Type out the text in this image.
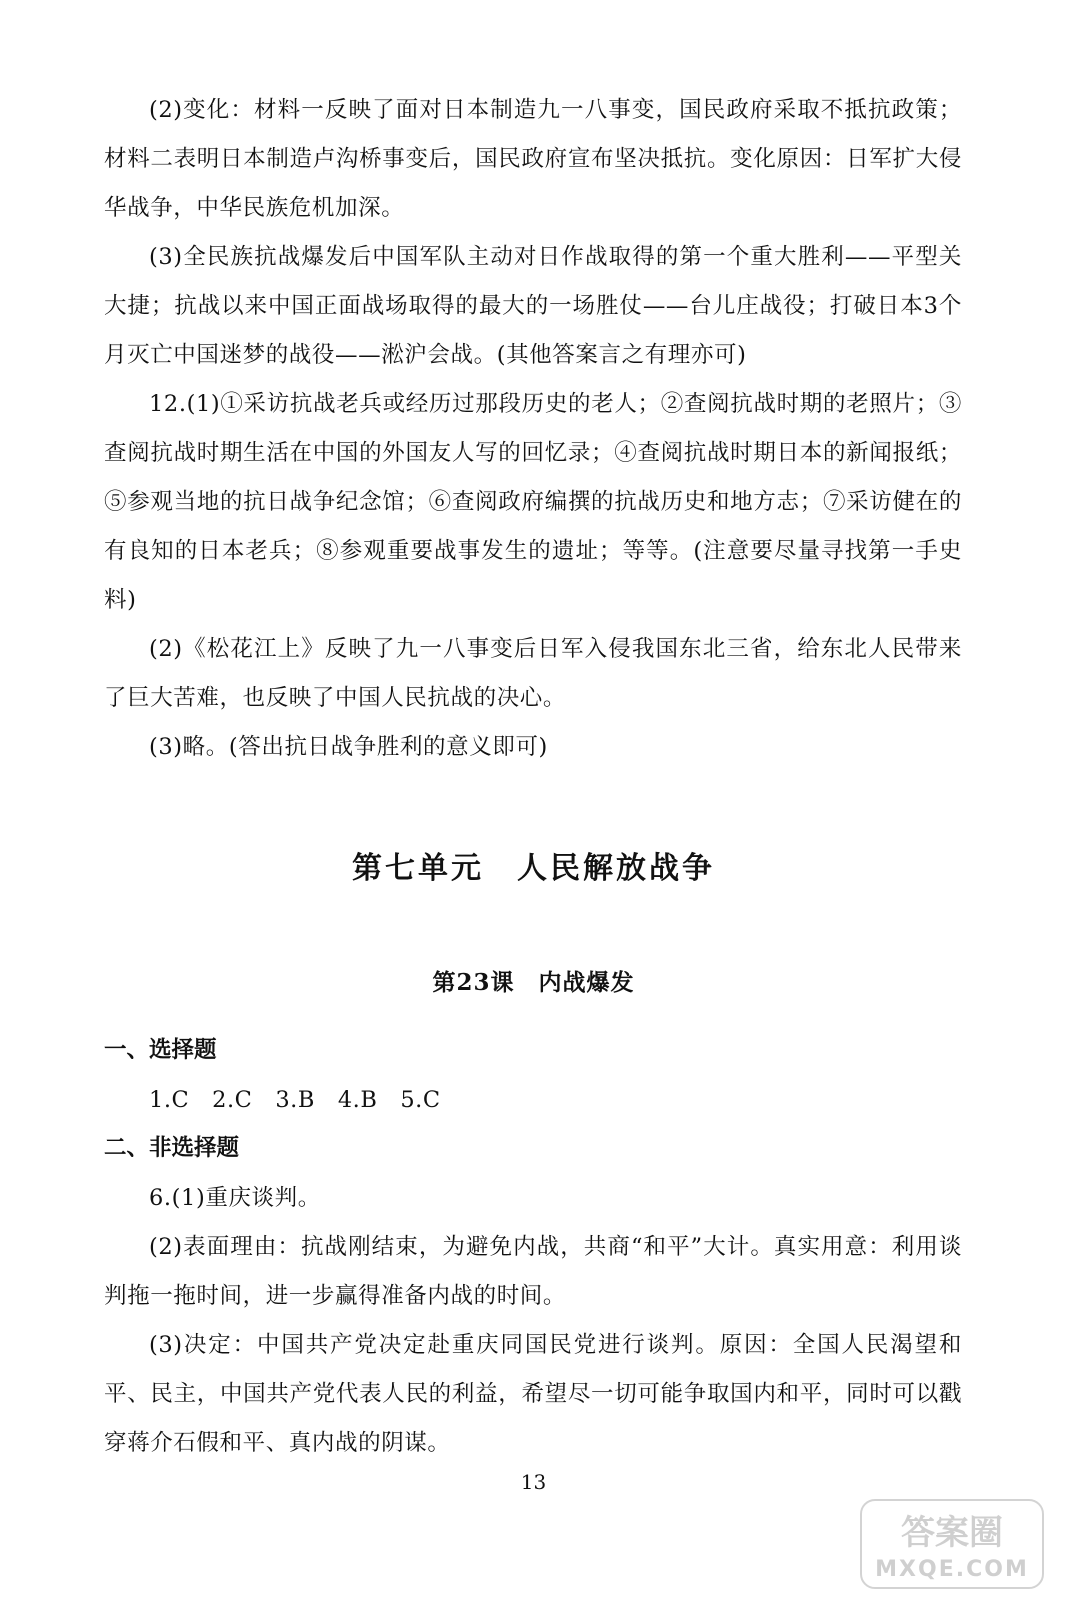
(2)变化：材料一反映了面对日本制造九一八事变，国民政府采取不抵抗政策；材料二表明日本制造卢沟桥事变后，国民政府宣布坚决抵抗。变化原因：日军扩大侵华战争，中华民族危机加深。

(3)全民族抗战爆发后中国军队主动对日作战取得的第一个重大胜利——平型关大捷；抗战以来中国正面战场取得的最大的一场胜仗——台儿庄战役；打破日本3个月灭亡中国迷梦的战役——淞沪会战。(其他答案言之有理亦可)

12.(1)①采访抗战老兵或经历过那段历史的老人；②查阅抗战时期的老照片；③查阅抗战时期生活在中国的外国友人写的回忆录；④查阅抗战时期日本的新闻报纸；⑤参观当地的抗日战争纪念馆；⑥查阅政府编撰的抗战历史和地方志；⑦采访健在的有良知的日本老兵；⑧参观重要战事发生的遗址；等等。(注意要尽量寻找第一手史料)

(2)《松花江上》反映了九一八事变后日军入侵我国东北三省，给东北人民带来了巨大苦难，也反映了中国人民抗战的决心。

(3)略。(答出抗日战争胜利的意义即可)

第七单元　人民解放战争
第23课　内战爆发
一、选择题

1.C　2.C　3.B　4.B　5.C

二、非选择题

6.(1)重庆谈判。

(2)表面理由：抗战刚结束，为避免内战，共商“和平”大计。真实用意：利用谈判拖一拖时间，进一步赢得准备内战的时间。

(3)决定：中国共产党决定赴重庆同国民党进行谈判。原因：全国人民渴望和平、民主，中国共产党代表人民的利益，希望尽一切可能争取国内和平，同时可以戳穿蒋介石假和平、真内战的阴谋。

13

答案圈
MXQE.COM
